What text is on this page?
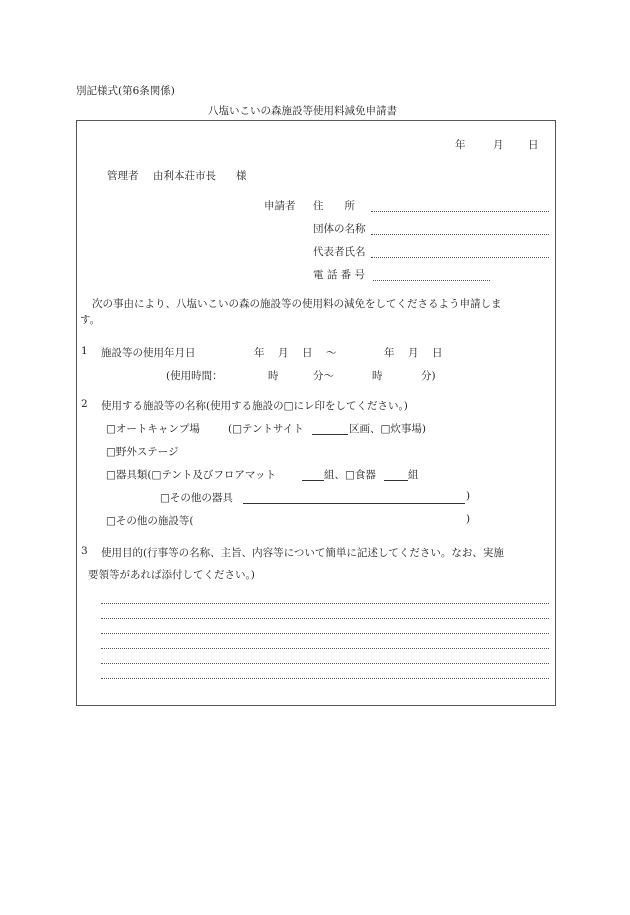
別記様式(第6条関係)
八塩いこいの森施設等使用料減免申請書
年	月 日
管理者 由利本荘市長 様
申請者 住　　所
団体の名称
代表者氏名
電 話 番 号
次の事由により、八塩いこいの森の施設等の使用料の減免をしてくださるよう申請しま
す。
1 施設等の使用年月日	年 月 日 〜	年 月 日
(使用時間：	時	分〜	時	分)
2 使用する施設等の名称(使用する施設の□にレ印をしてください。)
□オートキャンプ場	(□テントサイト	区画、□炊事場)
□野外ステージ
□器具類(□テント及びフロアマット	組、□食器	組
□その他の器具	)
□その他の施設等(	)
3 使用目的(行事等の名称、主旨、内容等について簡単に記述してください。なお、実施
要領等があれば添付してください。)
